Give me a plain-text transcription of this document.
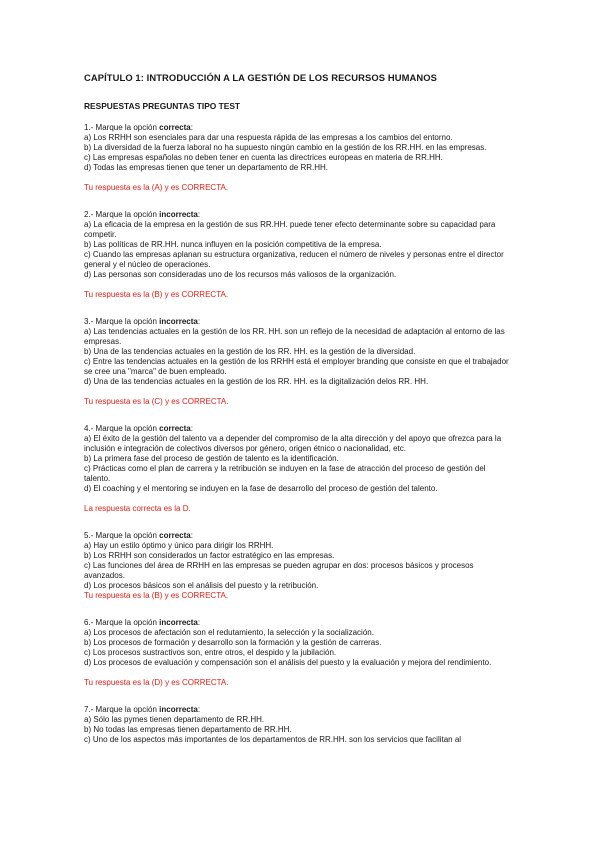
CAPÍTULO 1: INTRODUCCIÓN A LA GESTIÓN DE LOS RECURSOS HUMANOS
RESPUESTAS PREGUNTAS TIPO TEST

1.- Marque la opción correcta:

a) Los RRHH son esenciales para dar una respuesta rápida de las empresas a los cambios del entorno.

b) La diversidad de la fuerza laboral no ha supuesto ningún cambio en la gestión de los RR.HH. en las empresas.

c) Las empresas españolas no deben tener en cuenta las directrices europeas en materia de RR.HH.

d) Todas las empresas tienen que tener un departamento de RR.HH.

Tu respuesta es la (A) y es CORRECTA.

2.- Marque la opción incorrecta:

a) La eficacia de la empresa en la gestión de sus RR.HH. puede tener efecto determinante sobre su capacidad para competir.

b) Las políticas de RR.HH. nunca influyen en la posición competitiva de la empresa.

c) Cuando las empresas aplanan su estructura organizativa, reducen el número de niveles y personas entre el director general y el núcleo de operaciones.

d) Las personas son consideradas uno de los recursos más valiosos de la organización.

Tu respuesta es la (B) y es CORRECTA.

3.- Marque la opción incorrecta:

a) Las tendencias actuales en la gestión de los RR. HH. son un reflejo de la necesidad de adaptación al entorno de las empresas.

b) Una de las tendencias actuales en la gestión de los RR. HH. es la gestión de la diversidad.

c) Entre las tendencias actuales en la gestión de los RRHH está el employer branding que consiste en que el trabajador se cree una "marca" de buen empleado.

d) Una de las tendencias actuales en la gestión de los RR. HH. es la digitalización delos RR. HH.

Tu respuesta es la (C) y es CORRECTA.

4.- Marque la opción correcta:

a) El éxito de la gestión del talento va a depender del compromiso de la alta dirección y del apoyo que ofrezca para la inclusión e integración de colectivos diversos por género, origen étnico o nacionalidad, etc.

b) La primera fase del proceso de gestión de talento es la identificación.

c) Prácticas como el plan de carrera y la retribución se induyen en la fase de atracción del proceso de gestión del talento.

d) El coaching y el mentoring se induyen en la fase de desarrollo del proceso de gestión del talento.

La respuesta correcta es la D.

5.- Marque la opción correcta:

a) Hay un estilo óptimo y único para dirigir los RRHH.

b) Los RRHH son considerados un factor estratégico en las empresas.

c) Las funciones del área de RRHH en las empresas se pueden agrupar en dos: procesos básicos y procesos avanzados.

d) Los procesos básicos son el análisis del puesto y la retribución.

Tu respuesta es la (B) y es CORRECTA.

6.- Marque la opción incorrecta:

a) Los procesos de afectación son el redutamiento, la selección y la socialización.

b) Los procesos de formación y desarrollo son la formación y la gestión de carreras.

c) Los procesos sustractivos son, entre otros, el despido y la jubilación.

d) Los procesos de evaluación y compensación son el análisis del puesto y la evaluación y mejora del rendimiento.

Tu respuesta es la (D) y es CORRECTA.

7.- Marque la opción incorrecta:

a) Sólo las pymes tienen departamento de RR.HH.

b) No todas las empresas tienen departamento de RR.HH.

c) Uno de los aspectos más importantes de los departamentos de RR.HH. son los servicios que facilitan al
